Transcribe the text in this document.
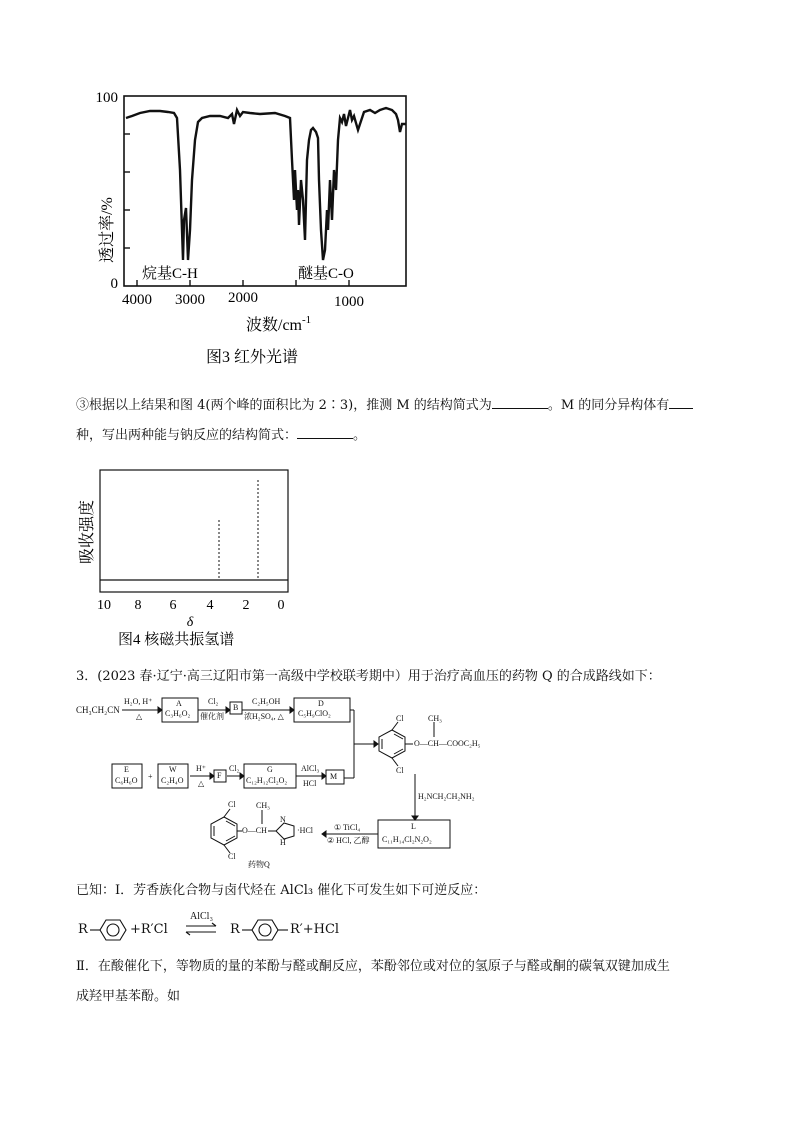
透过率/%
100
0
烷基C-H	醚基C-O
4000 3000 2000	1000
波数$/cm^{-1}$
图3 红外光谱
③根据以上结果和图 4(两个峰的面积比为 2∶3)，推测 M 的结构简式为	。M 的同分异构体有
种，写出两种能与钠反应的结构简式：	。
吸收强度
10 8 6 4 2 0
δ
图4 核磁共振氢谱
3．(2023 春·辽宁·高三辽阳市第一高级中学校联考期中）用于治疗高血压的药物 Q 的合成路线如下：
CH₃CH₂CN
H₂O, H⁺
△
A
C₃H₆O₂
Cl₂
催化剂
B
C₂H₅OH
浓H₂SO₄, △
D
C₅H₉ClO₂
E
C₆H₆O +
W
C₂H₄O
H⁺
△
F
Cl₂	G
C₁₂H₁₂Cl₂O₂
AlCl₃
HCl
M
Cl	CH₃
O—CH—COOC₂H₅
Cl
H₂NCH₂CH₂NH₂
L
C₁₁H₁₄Cl₂N₂O₂
① TiCl₄
② HCl, 乙醇
Cl	CH₃
O—CH
N
H
·HCl
Cl
药物Q
已知：I．芳香族化合物与卤代烃在 AlCl₃ 催化下可发生如下可逆反应：
R	+R′Cl
AlCl₃
R	R′+HCl
Ⅱ．在酸催化下，等物质的量的苯酚与醛或酮反应，苯酚邻位或对位的氢原子与醛或酮的碳氧双键加成生
成羟甲基苯酚。如
